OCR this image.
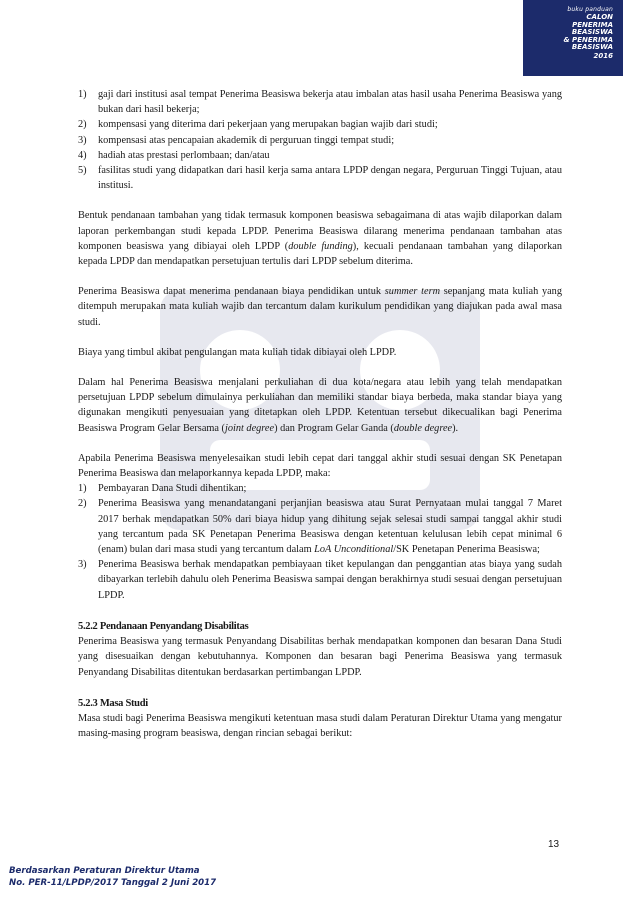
buku panduan
CALON
PENERIMA
BEASISWA
& PENERIMA
BEASISWA
2016
1) gaji dari institusi asal tempat Penerima Beasiswa bekerja atau imbalan atas hasil usaha Penerima Beasiswa yang bukan dari hasil bekerja;
2) kompensasi yang diterima dari pekerjaan yang merupakan bagian wajib dari studi;
3) kompensasi atas pencapaian akademik di perguruan tinggi tempat studi;
4) hadiah atas prestasi perlombaan; dan/atau
5) fasilitas studi yang didapatkan dari hasil kerja sama antara LPDP dengan negara, Perguruan Tinggi Tujuan, atau institusi.

Bentuk pendanaan tambahan yang tidak termasuk komponen beasiswa sebagaimana di atas wajib dilaporkan dalam laporan perkembangan studi kepada LPDP. Penerima Beasiswa dilarang menerima pendanaan tambahan atas komponen beasiswa yang dibiayai oleh LPDP (double funding), kecuali pendanaan tambahan yang dilaporkan kepada LPDP dan mendapatkan persetujuan tertulis dari LPDP sebelum diterima.

Penerima Beasiswa dapat menerima pendanaan biaya pendidikan untuk summer term sepanjang mata kuliah yang ditempuh merupakan mata kuliah wajib dan tercantum dalam kurikulum pendidikan yang diajukan pada awal masa studi.

Biaya yang timbul akibat pengulangan mata kuliah tidak dibiayai oleh LPDP.

Dalam hal Penerima Beasiswa menjalani perkuliahan di dua kota/negara atau lebih yang telah mendapatkan persetujuan LPDP sebelum dimulainya perkuliahan dan memiliki standar biaya berbeda, maka standar biaya yang digunakan mengikuti penyesuaian yang ditetapkan oleh LPDP. Ketentuan tersebut dikecualikan bagi Penerima Beasiswa Program Gelar Bersama (joint degree) dan Program Gelar Ganda (double degree).

Apabila Penerima Beasiswa menyelesaikan studi lebih cepat dari tanggal akhir studi sesuai dengan SK Penetapan Penerima Beasiswa dan melaporkannya kepada LPDP, maka:

1) Pembayaran Dana Studi dihentikan;
2) Penerima Beasiswa yang menandatangani perjanjian beasiswa atau Surat Pernyataan mulai tanggal 7 Maret 2017 berhak mendapatkan 50% dari biaya hidup yang dihitung sejak selesai studi sampai tanggal akhir studi yang tercantum pada SK Penetapan Penerima Beasiswa dengan ketentuan kelulusan lebih cepat minimal 6 (enam) bulan dari masa studi yang tercantum dalam LoA Unconditional/SK Penetapan Penerima Beasiswa;
3) Penerima Beasiswa berhak mendapatkan pembiayaan tiket kepulangan dan penggantian atas biaya yang sudah dibayarkan terlebih dahulu oleh Penerima Beasiswa sampai dengan berakhirnya studi sesuai dengan persetujuan LPDP.

5.2.2 Pendanaan Penyandang Disabilitas

Penerima Beasiswa yang termasuk Penyandang Disabilitas berhak mendapatkan komponen dan besaran Dana Studi yang disesuaikan dengan kebutuhannya. Komponen dan besaran bagi Penerima Beasiswa yang termasuk Penyandang Disabilitas ditentukan berdasarkan pertimbangan LPDP.

5.2.3 Masa Studi

Masa studi bagi Penerima Beasiswa mengikuti ketentuan masa studi dalam Peraturan Direktur Utama yang mengatur masing-masing program beasiswa, dengan rincian sebagai berikut:

13
Berdasarkan Peraturan Direktur Utama
No. PER-11/LPDP/2017 Tanggal 2 Juni 2017
